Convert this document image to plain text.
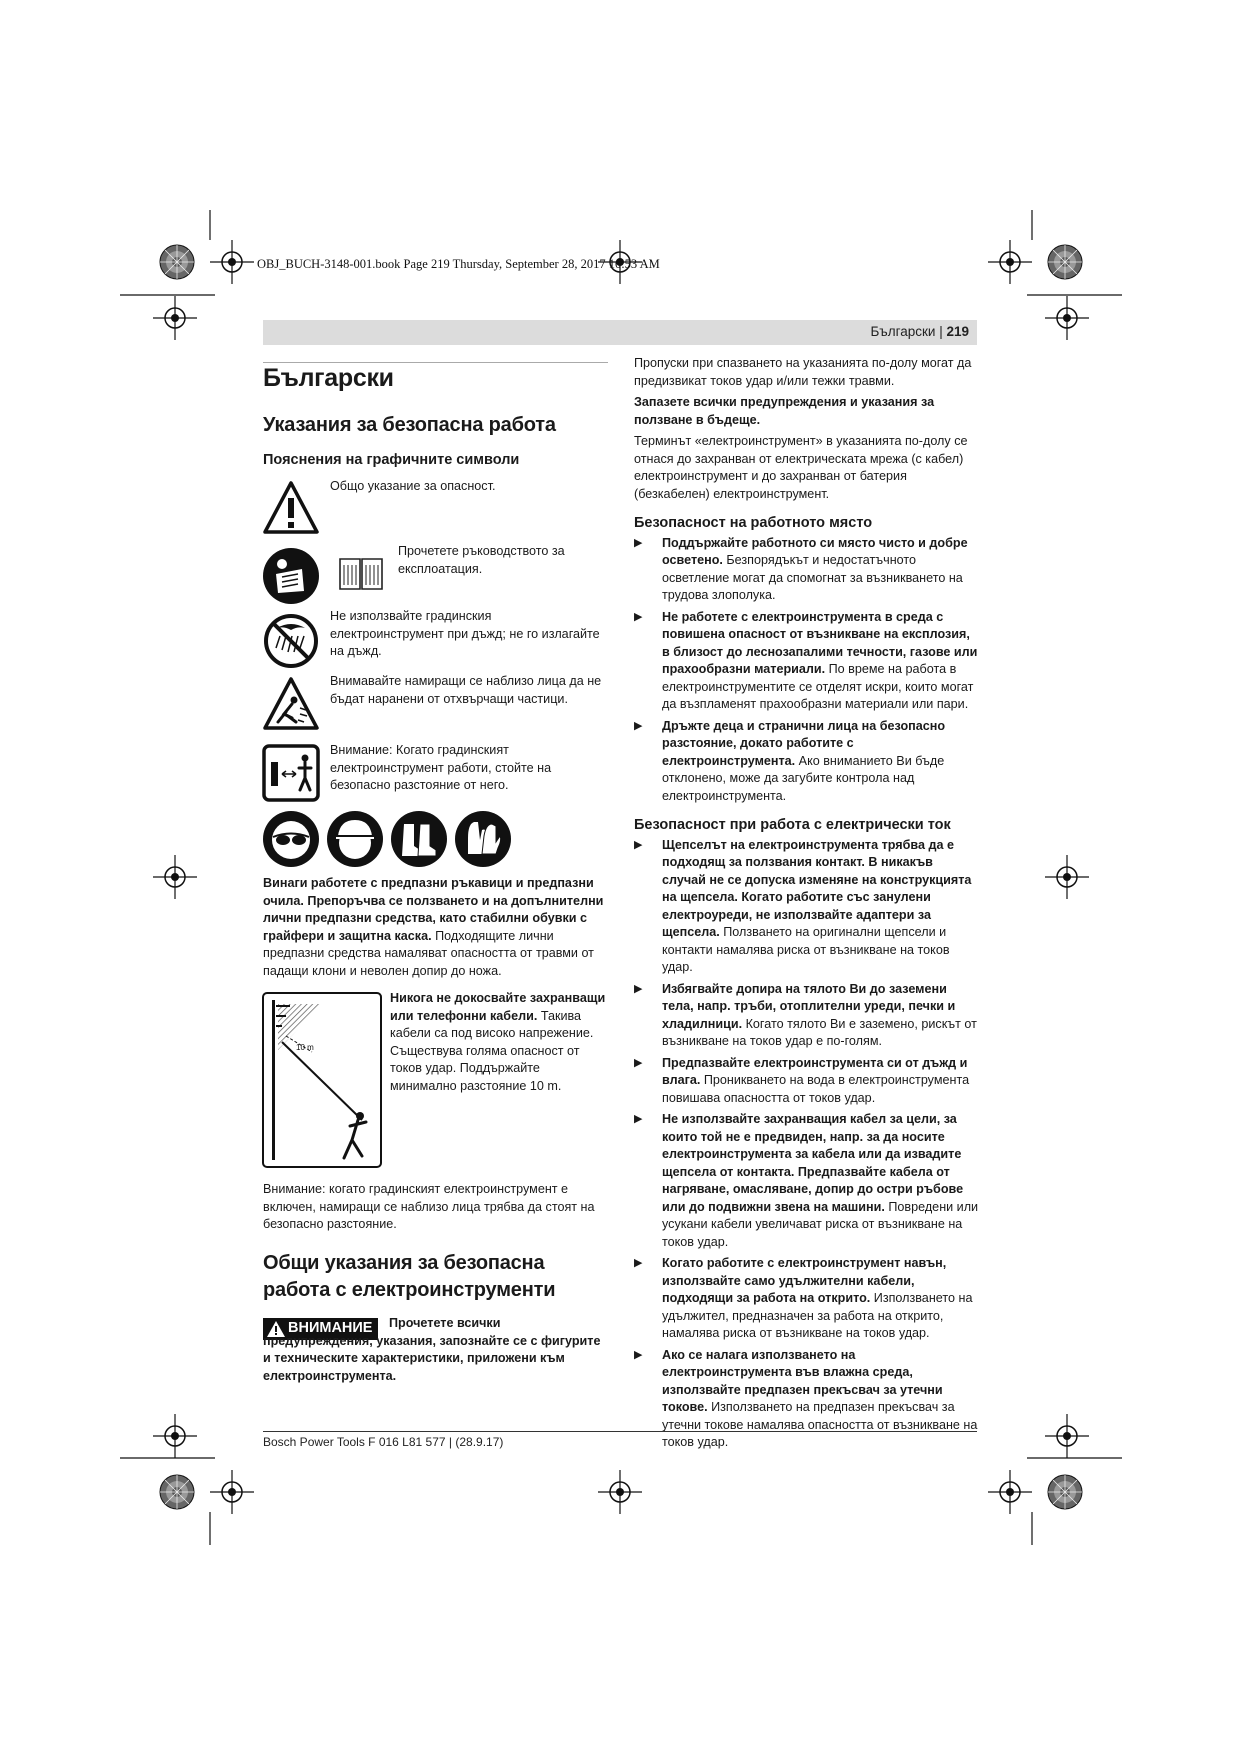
OBJ_BUCH-3148-001.book Page 219 Thursday, September 28, 2017 10:53 AM
Български | 219
Български
Указания за безопасна работа
Пояснения на графичните символи
Общо указание за опасност.
Прочетете ръководството за експлоатация.
Не използвайте градинския електроинструмент при дъжд; не го излагайте на дъжд.
Внимавайте намиращи се наблизо лица да не бъдат наранени от отхвърчащи частици.
Внимание: Когато градинският електроинструмент работи, стойте на безопасно разстояние от него.

Винаги работете с предпазни ръкавици и предпазни очила. Препоръчва се ползването и на допълнителни лични предпазни средства, като стабилни обувки с грайфери и защитна каска. Подходящите лични предпазни средства намаляват опасността от травми от падащи клони и неволен допир до ножа.

10 m

Никога не докосвайте захранващи или телефонни кабели. Такива кабели са под високо напрежение. Съществува голяма опасност от токов удар. Поддържайте минимално разстояние 10 m.

Внимание: когато градинският електроинструмент е включен, намиращи се наблизо лица трябва да стоят на безопасно разстояние.
Общи указания за безопасна работа с електроинструменти
ВНИМАНИЕ	Прочетете всички предупреждения, указания, запознайте се с фигурите и техническите характеристики, приложени към електроинструмента.

Пропуски при спазването на указанията по-долу могат да предизвикат токов удар и/или тежки травми.

Запазете всички предупреждения и указания за ползване в бъдеще.

Терминът «електроинструмент» в указанията по-долу се отнася до захранван от електрическата мрежа (с кабел) електроинструмент и до захранван от батерия (безкабелен) електроинструмент.

Безопасност на работното място

▶ Поддържайте работното си място чисто и добре осветено. Безпорядъкът и недостатъчното осветление могат да спомогнат за възникването на трудова злополука.
▶ Не работете с електроинструмента в среда с повишена опасност от възникване на експлозия, в близост до леснозапалими течности, газове или прахообразни материали. По време на работа в електроинструментите се отделят искри, които могат да възпламенят прахообразни материали или пари.
▶ Дръжте деца и странични лица на безопасно разстояние, докато работите с електроинструмента. Ако вниманието Ви бъде отклонено, може да загубите контрола над електроинструмента.

Безопасност при работа с електрически ток

▶ Щепселът на електроинструмента трябва да е подходящ за ползвания контакт. В никакъв случай не се допуска изменяне на конструкцията на щепсела. Когато работите със занулени електроуреди, не използвайте адаптери за щепсела. Ползването на оригинални щепсели и контакти намалява риска от възникване на токов удар.
▶ Избягвайте допира на тялото Ви до заземени тела, напр. тръби, отоплителни уреди, печки и хладилници. Когато тялото Ви е заземено, рискът от възникване на токов удар е по-голям.
▶ Предпазвайте електроинструмента си от дъжд и влага. Проникването на вода в електроинструмента повишава опасността от токов удар.
▶ Не използвайте захранващия кабел за цели, за които той не е предвиден, напр. за да носите електроинструмента за кабела или да извадите щепсела от контакта. Предпазвайте кабела от нагряване, омасляване, допир до остри ръбове или до подвижни звена на машини. Повредени или усукани кабели увеличават риска от възникване на токов удар.
▶ Когато работите с електроинструмент навън, използвайте само удължителни кабели, подходящи за работа на открито. Използването на удължител, предназначен за работа на открито, намалява риска от възникване на токов удар.
▶ Ако се налага използването на електроинструмента във влажна среда, използвайте предпазен прекъсвач за утечни токове. Използването на предпазен прекъсвач за утечни токове намалява опасността от възникване на токов удар.
Bosch Power Tools F 016 L81 577 | (28.9.17)
